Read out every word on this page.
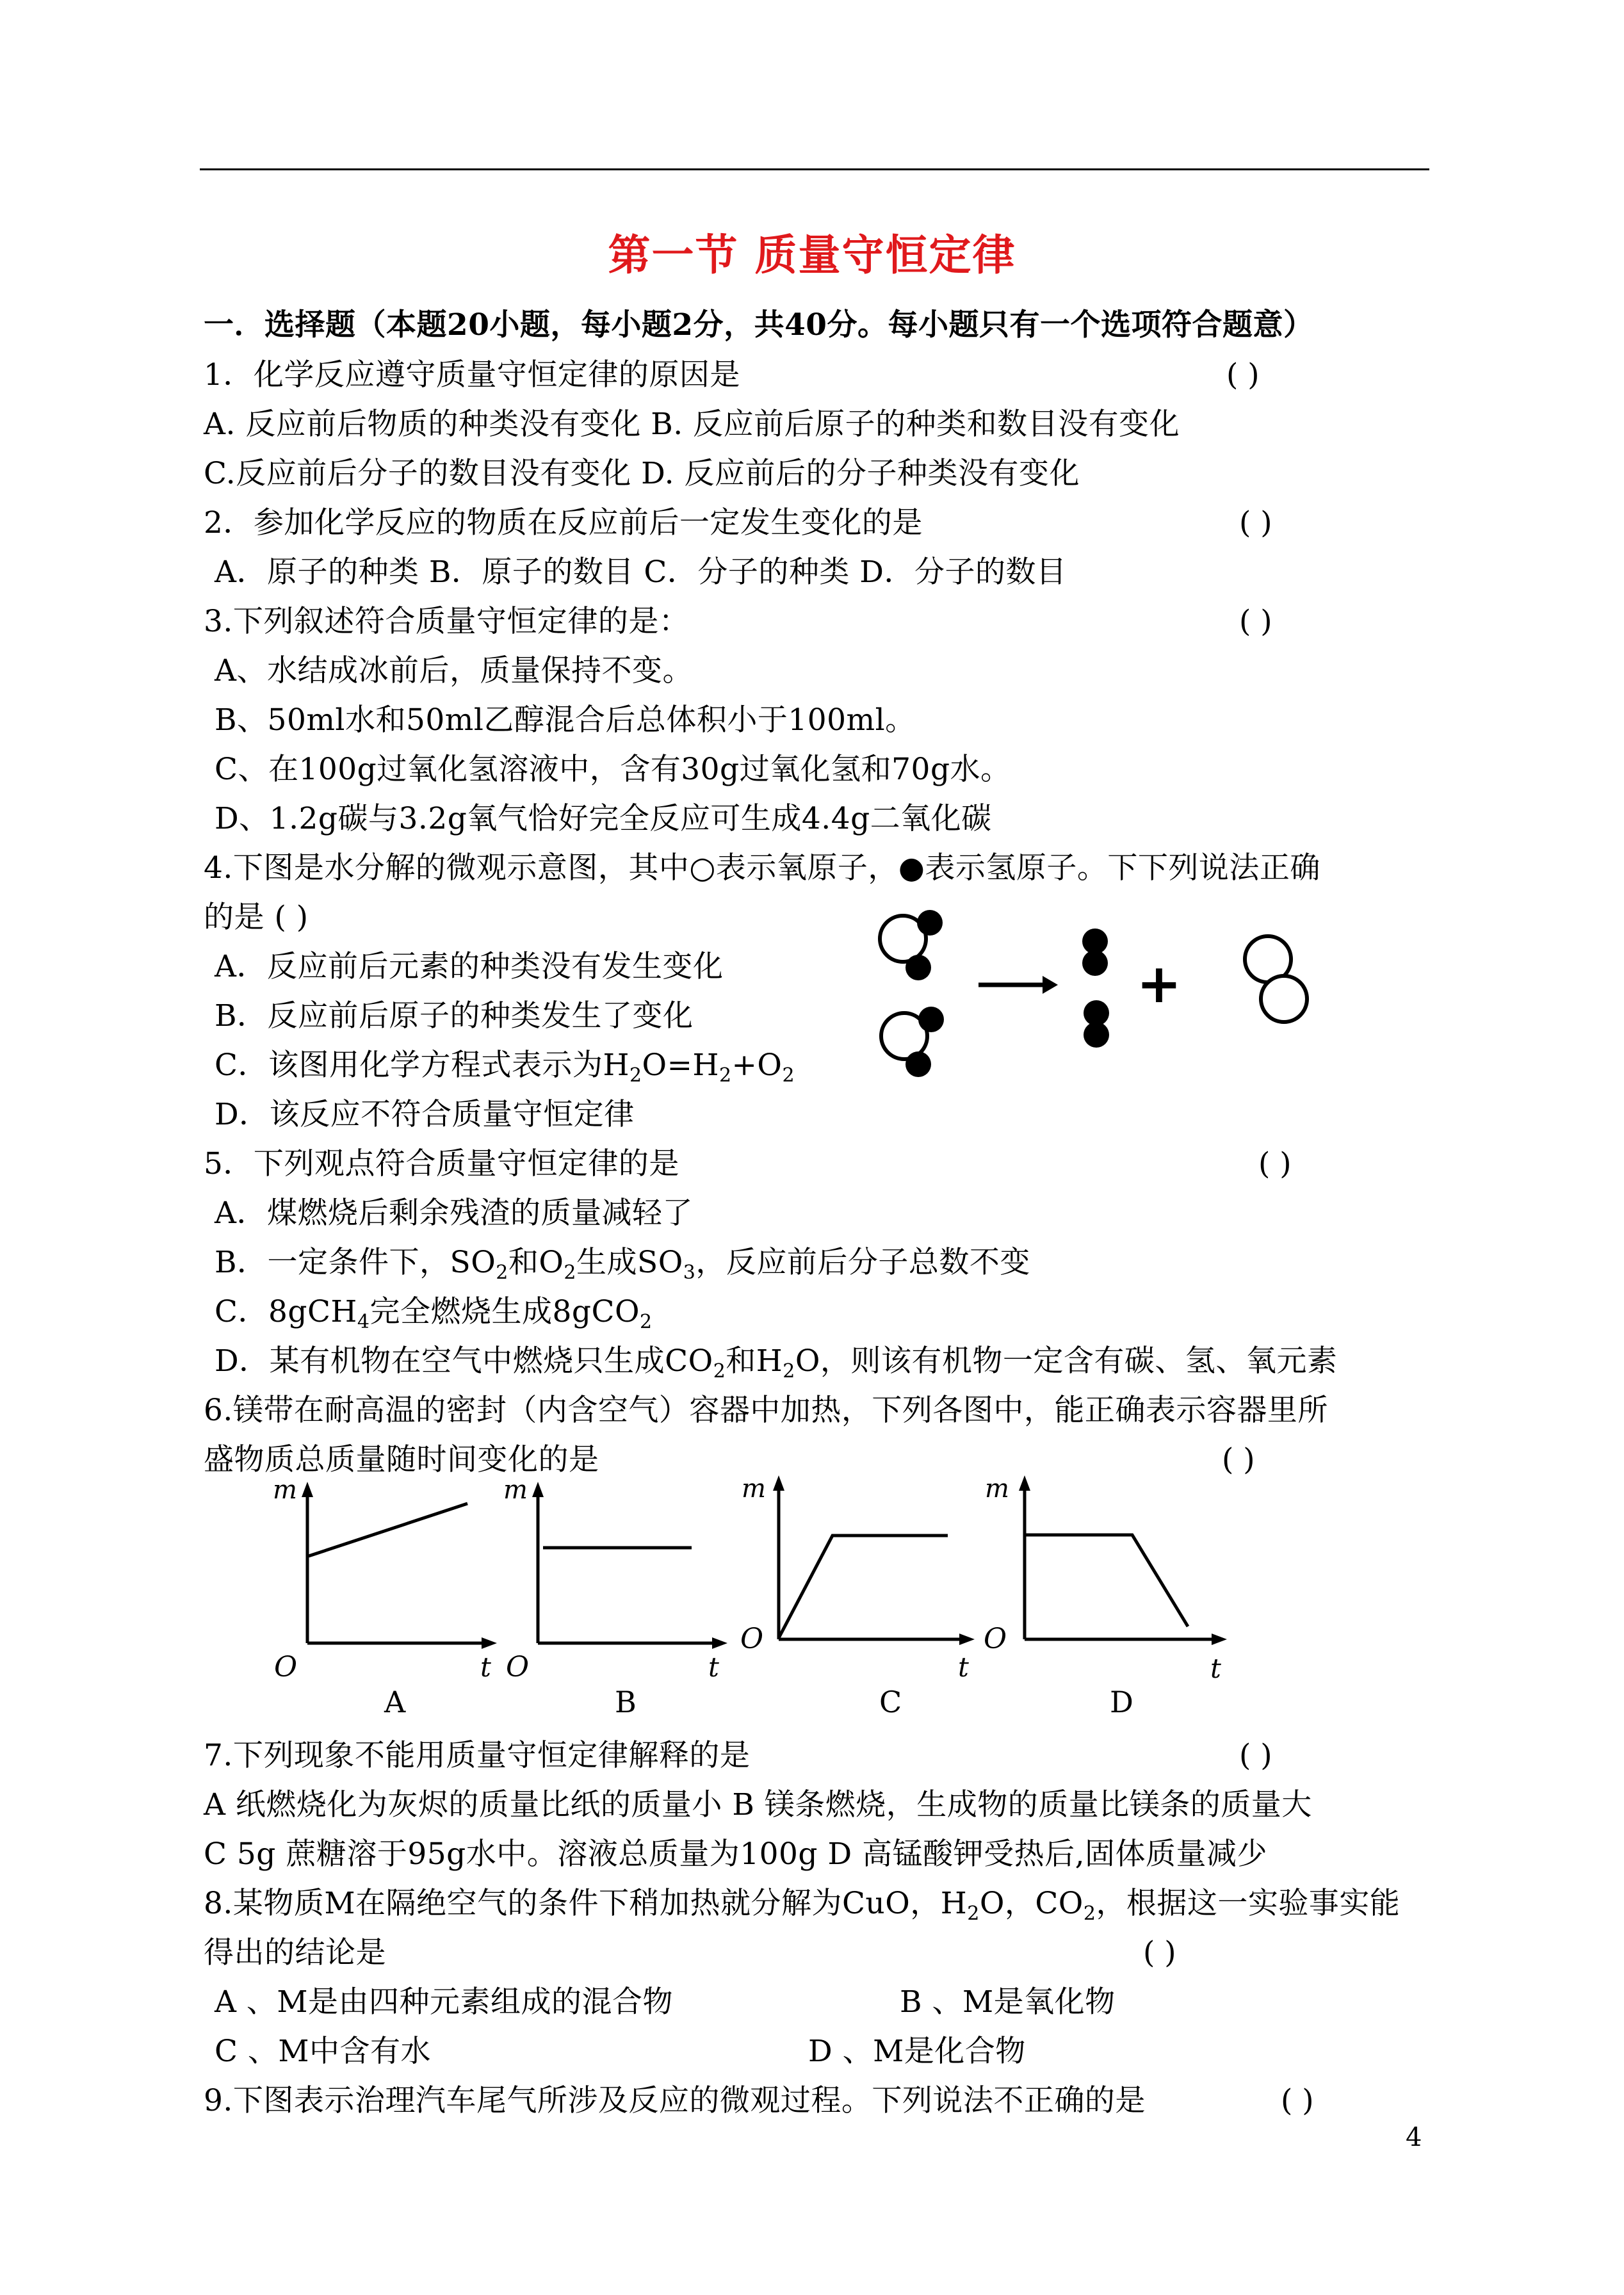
第一节 质量守恒定律
一．选择题（本题20小题，每小题2分，共40分。每小题只有一个选项符合题意）
1．化学反应遵守质量守恒定律的原因是	( )
A. 反应前后物质的种类没有变化 B. 反应前后原子的种类和数目没有变化
C.反应前后分子的数目没有变化 D. 反应前后的分子种类没有变化
2．参加化学反应的物质在反应前后一定发生变化的是	( )
A．原子的种类 B．原子的数目 C．分子的种类 D．分子的数目
3.下列叙述符合质量守恒定律的是：	( )
A、水结成冰前后，质量保持不变。
B、50ml水和50ml乙醇混合后总体积小于100ml。
C、在100g过氧化氢溶液中，含有30g过氧化氢和70g水。
D、1.2g碳与3.2g氧气恰好完全反应可生成4.4g二氧化碳
4.下图是水分解的微观示意图，其中○表示氧原子，●表示氢原子。下下列说法正确
的是 ( )
A．反应前后元素的种类没有发生变化
B．反应前后原子的种类发生了变化
C．该图用化学方程式表示为$H_2O=H_2+O_2$
D．该反应不符合质量守恒定律
+
5．下列观点符合质量守恒定律的是	( )
A．煤燃烧后剩余残渣的质量减轻了
B．一定条件下，$SO_2$和$O_2$生成$SO_3$，反应前后分子总数不变
C．8gCH$_4$完全燃烧生成8gCO$_2$
D．某有机物在空气中燃烧只生成$CO_2$和$H_2O$，则该有机物一定含有碳、氢、氧元素
6.镁带在耐高温的密封（内含空气）容器中加热，下列各图中，能正确表示容器里所
盛物质总质量随时间变化的是	( )
m
O	t
m
O	t
m
O
t
m
O
t
A	B	C	D
7.下列现象不能用质量守恒定律解释的是	( )
A 纸燃烧化为灰烬的质量比纸的质量小 B 镁条燃烧，生成物的质量比镁条的质量大
C 5g 蔗糖溶于95g水中。溶液总质量为100g D 高锰酸钾受热后,固体质量减少
8.某物质M在隔绝空气的条件下稍加热就分解为CuO，$H_2O$，$CO_2$，根据这一实验事实能
得出的结论是	( )
A 、M是由四种元素组成的混合物	B 、M是氧化物
C 、M中含有水	D 、M是化合物
9.下图表示治理汽车尾气所涉及反应的微观过程。下列说法不正确的是	( )
4
